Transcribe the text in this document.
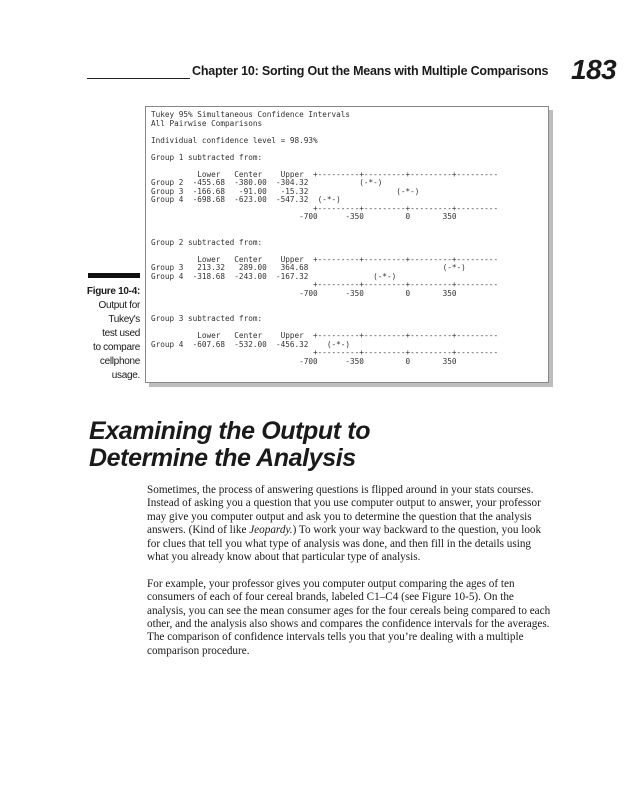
Chapter 10: Sorting Out the Means with Multiple Comparisons 183
Tukey 95% Simultaneous Confidence Intervals
All Pairwise Comparisons

Individual confidence level = 98.93%

Group 1 subtracted from:

Lower   Center    Upper  +---------+---------+---------+---------
Group 2  -455.68  -380.00  -304.32           (-*-)
Group 3  -166.68   -91.00   -15.32                   (-*-)
Group 4  -698.68  -623.00  -547.32  (-*-)
+---------+---------+---------+---------
-700      -350         0       350

Group 2 subtracted from:

Lower   Center    Upper  +---------+---------+---------+---------
Group 3   213.32   289.00   364.68                             (-*-)
Group 4  -318.68  -243.00  -167.32              (-*-)
+---------+---------+---------+---------
-700      -350         0       350

Group 3 subtracted from:

Lower   Center    Upper  +---------+---------+---------+---------
Group 4  -607.68  -532.00  -456.32    (-*-)
+---------+---------+---------+---------
-700      -350         0       350

Figure 10-4:
Output for
Tukey's
test used
to compare
cellphone
usage.
Examining the Output to
Determine the Analysis

Sometimes, the process of answering questions is flipped around in your stats courses. Instead of asking you a question that you use computer output to answer, your professor may give you computer output and ask you to determine the question that the analysis answers. (Kind of like Jeopardy.) To work your way backward to the question, you look for clues that tell you what type of analysis was done, and then fill in the details using what you already know about that particular type of analysis.

For example, your professor gives you computer output comparing the ages of ten consumers of each of four cereal brands, labeled C1–C4 (see Figure 10-5). On the analysis, you can see the mean consumer ages for the four cereals being compared to each other, and the analysis also shows and compares the confidence intervals for the averages. The comparison of confidence intervals tells you that you’re dealing with a multiple comparison procedure.
